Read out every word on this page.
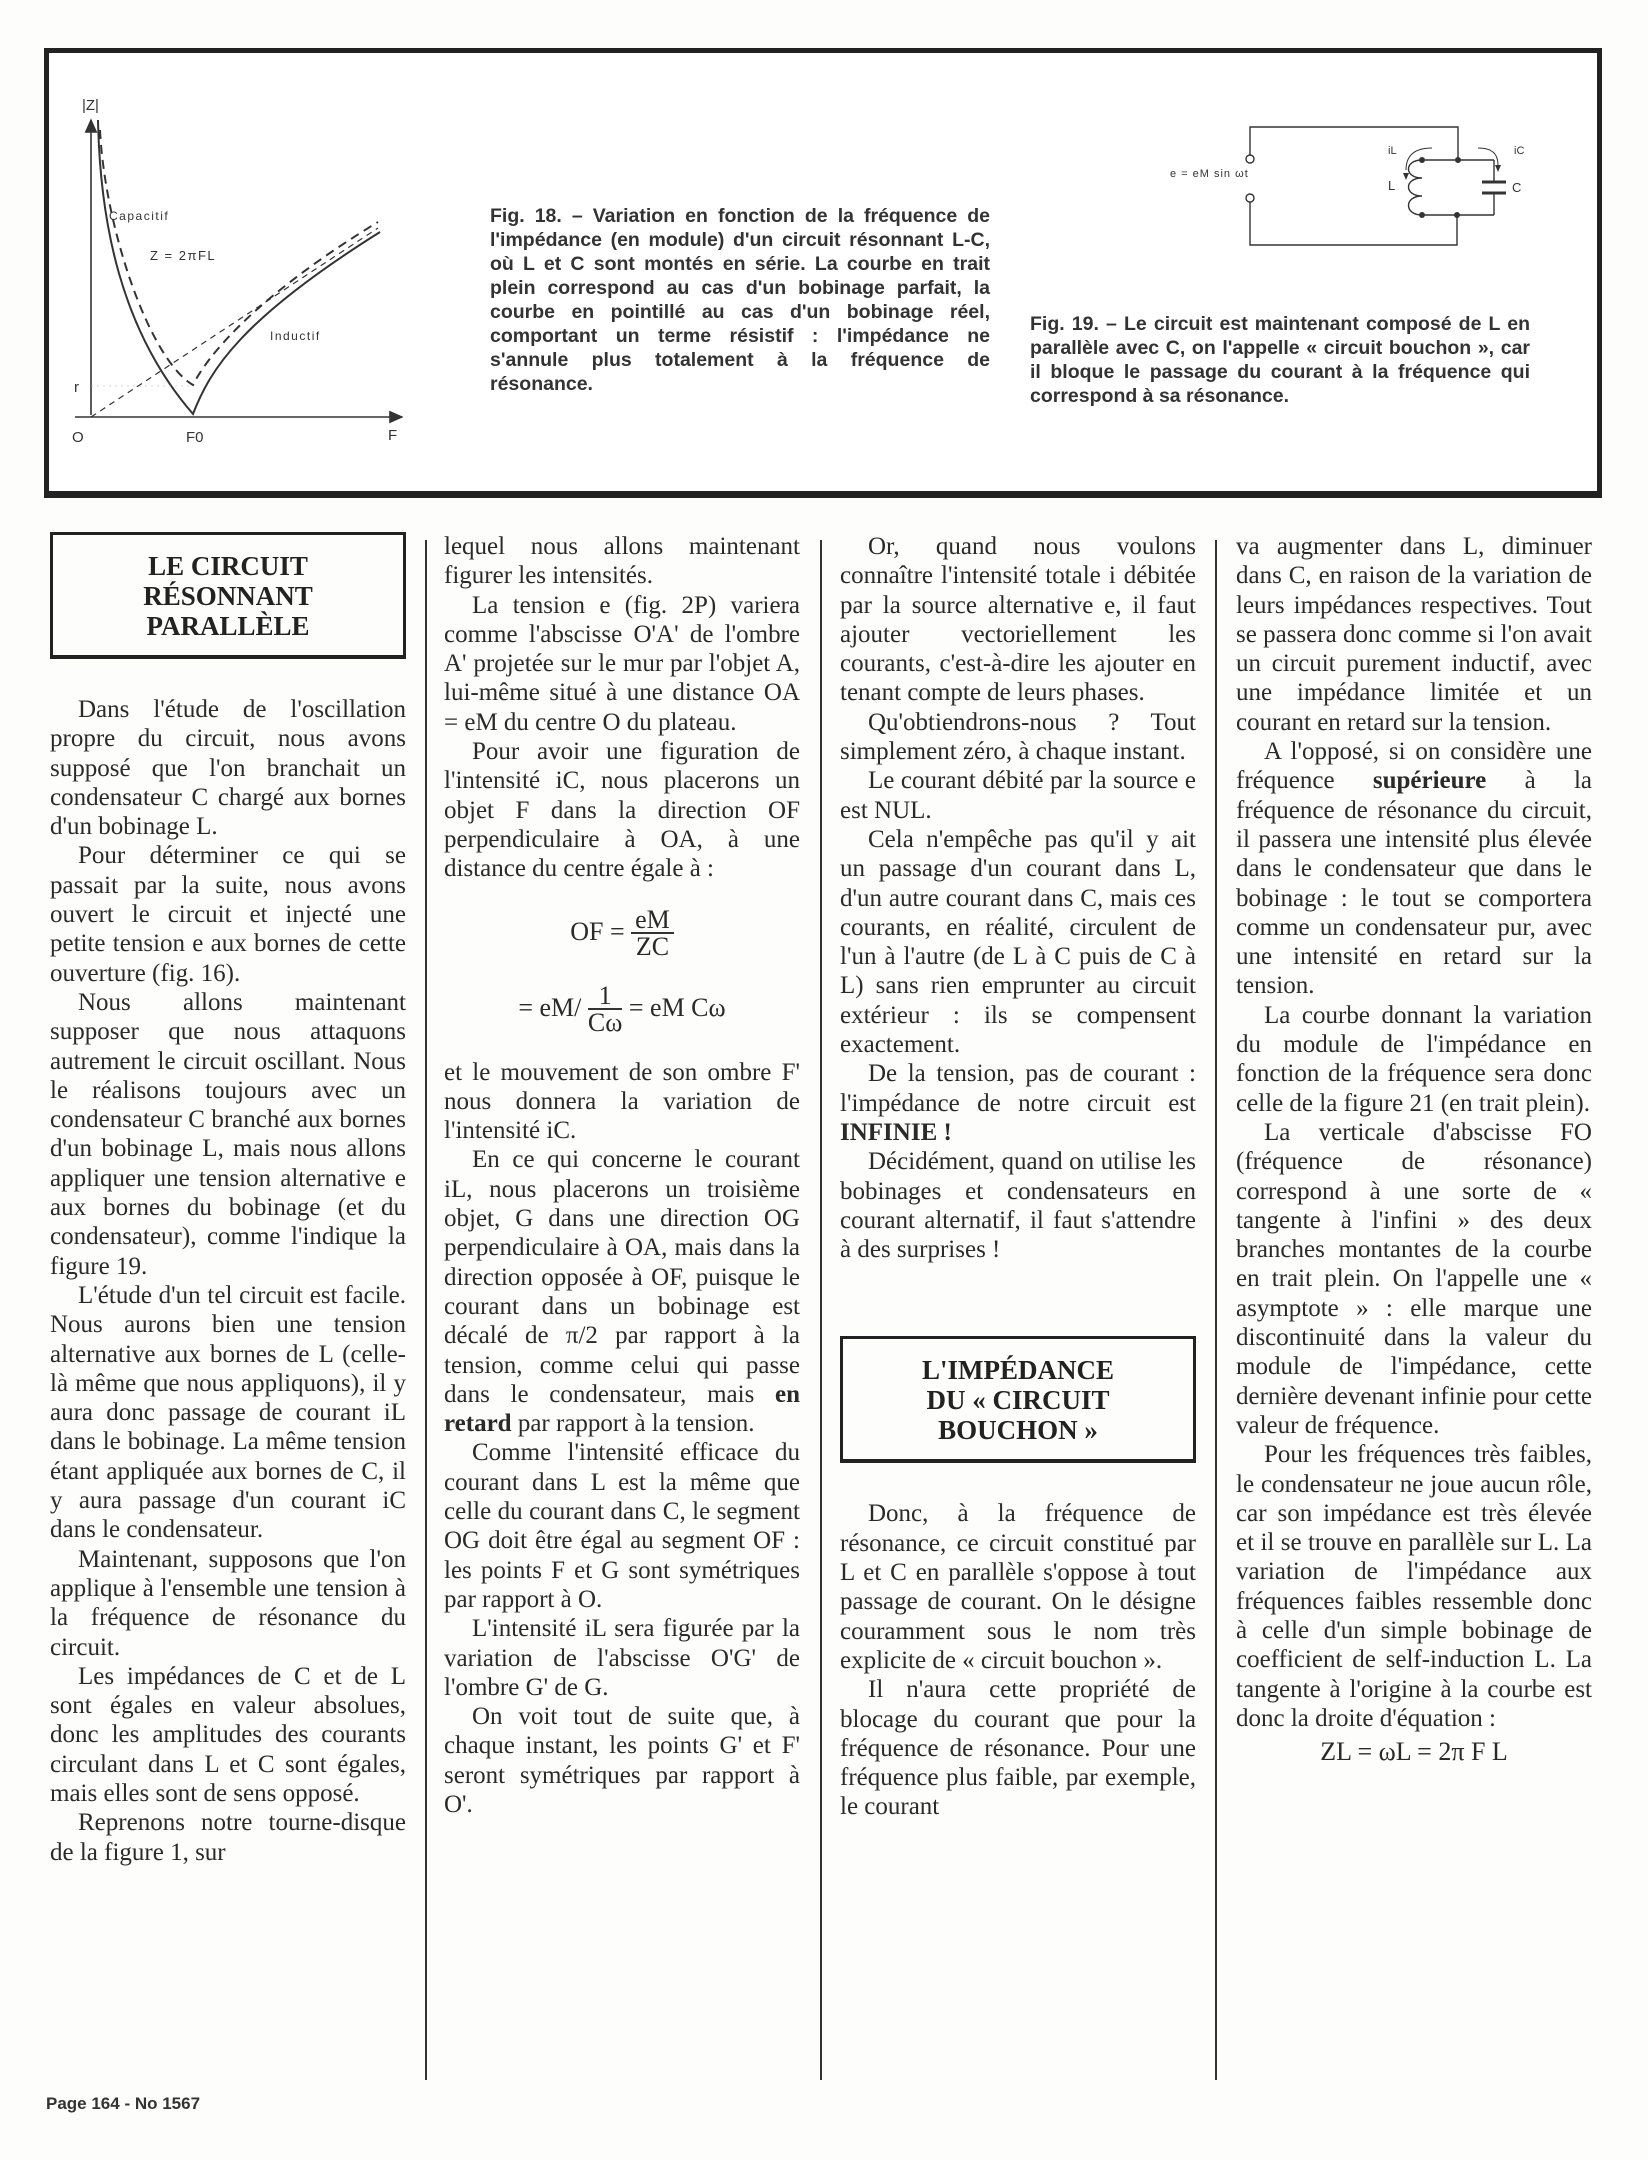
|Z|
F
O
r
F0
Capacitif
Z = 2πFL
Inductif
Fig. 18. – Variation en fonction de la fréquence de l'impédance (en module) d'un circuit résonnant L-C, où L et C sont montés en série. La courbe en trait plein correspond au cas d'un bobinage parfait, la courbe en pointillé au cas d'un bobinage réel, comportant un terme résistif : l'impédance ne s'annule plus totalement à la fréquence de résonance.
e = eM sin ωt
iL	iC
L	C
Fig. 19. – Le circuit est maintenant composé de L en parallèle avec C, on l'appelle « circuit bouchon », car il bloque le passage du courant à la fréquence qui correspond à sa résonance.
LE CIRCUIT
RÉSONNANT
PARALLÈLE

Dans l'étude de l'oscillation propre du circuit, nous avons supposé que l'on branchait un condensateur C chargé aux bornes d'un bobinage L.

Pour déterminer ce qui se passait par la suite, nous avons ouvert le circuit et injecté une petite tension e aux bornes de cette ouverture (fig. 16).

Nous allons maintenant supposer que nous attaquons autrement le circuit oscillant. Nous le réalisons toujours avec un condensateur C branché aux bornes d'un bobinage L, mais nous allons appliquer une tension alternative e aux bornes du bobinage (et du condensateur), comme l'indique la figure 19.

L'étude d'un tel circuit est facile. Nous aurons bien une tension alternative aux bornes de L (celle-là même que nous appliquons), il y aura donc passage de courant iL dans le bobinage. La même tension étant appliquée aux bornes de C, il y aura passage d'un courant iC dans le condensateur.

Maintenant, supposons que l'on applique à l'ensemble une tension à la fréquence de résonance du circuit.

Les impédances de C et de L sont égales en valeur absolues, donc les amplitudes des courants circulant dans L et C sont égales, mais elles sont de sens opposé.

Reprenons notre tourne-disque de la figure 1, sur

lequel nous allons maintenant figurer les intensités.

La tension e (fig. 2P) variera comme l'abscisse O'A' de l'ombre A' projetée sur le mur par l'objet A, lui-même situé à une distance OA = eM du centre O du plateau.

Pour avoir une figuration de l'intensité iC, nous placerons un objet F dans la direction OF perpendiculaire à OA, à une distance du centre égale à :

OF = $\frac{eM}{ZC}$
= $eM/ \frac{1}{C\omega}$ = eM Cω

et le mouvement de son ombre F' nous donnera la variation de l'intensité iC.

En ce qui concerne le courant iL, nous placerons un troisième objet, G dans une direction OG perpendiculaire à OA, mais dans la direction opposée à OF, puisque le courant dans un bobinage est décalé de π/2 par rapport à la tension, comme celui qui passe dans le condensateur, mais en retard par rapport à la tension.

Comme l'intensité efficace du courant dans L est la même que celle du courant dans C, le segment OG doit être égal au segment OF : les points F et G sont symétriques par rapport à O.

L'intensité iL sera figurée par la variation de l'abscisse O'G' de l'ombre G' de G.

On voit tout de suite que, à chaque instant, les points G' et F' seront symétriques par rapport à O'.

Or, quand nous voulons connaître l'intensité totale i débitée par la source alternative e, il faut ajouter vectoriellement les courants, c'est-à-dire les ajouter en tenant compte de leurs phases.

Qu'obtiendrons-nous ? Tout simplement zéro, à chaque instant.

Le courant débité par la source e est NUL.

Cela n'empêche pas qu'il y ait un passage d'un courant dans L, d'un autre courant dans C, mais ces courants, en réalité, circulent de l'un à l'autre (de L à C puis de C à L) sans rien emprunter au circuit extérieur : ils se compensent exactement.

De la tension, pas de courant : l'impédance de notre circuit est INFINIE !

Décidément, quand on utilise les bobinages et condensateurs en courant alternatif, il faut s'attendre à des surprises !

L'IMPÉDANCE
DU « CIRCUIT
BOUCHON »

Donc, à la fréquence de résonance, ce circuit constitué par L et C en parallèle s'oppose à tout passage de courant. On le désigne couramment sous le nom très explicite de « circuit bouchon ».

Il n'aura cette propriété de blocage du courant que pour la fréquence de résonance. Pour une fréquence plus faible, par exemple, le courant

va augmenter dans L, diminuer dans C, en raison de la variation de leurs impédances respectives. Tout se passera donc comme si l'on avait un circuit purement inductif, avec une impédance limitée et un courant en retard sur la tension.

A l'opposé, si on considère une fréquence supérieure à la fréquence de résonance du circuit, il passera une intensité plus élevée dans le condensateur que dans le bobinage : le tout se comportera comme un condensateur pur, avec une intensité en retard sur la tension.

La courbe donnant la variation du module de l'impédance en fonction de la fréquence sera donc celle de la figure 21 (en trait plein).

La verticale d'abscisse FO (fréquence de résonance) correspond à une sorte de « tangente à l'infini » des deux branches montantes de la courbe en trait plein. On l'appelle une « asymptote » : elle marque une discontinuité dans la valeur du module de l'impédance, cette dernière devenant infinie pour cette valeur de fréquence.

Pour les fréquences très faibles, le condensateur ne joue aucun rôle, car son impédance est très élevée et il se trouve en parallèle sur L. La variation de l'impédance aux fréquences faibles ressemble donc à celle d'un simple bobinage de coefficient de self-induction L. La tangente à l'origine à la courbe est donc la droite d'équation :

ZL = ωL = 2π F L
Page 164 - No 1567
